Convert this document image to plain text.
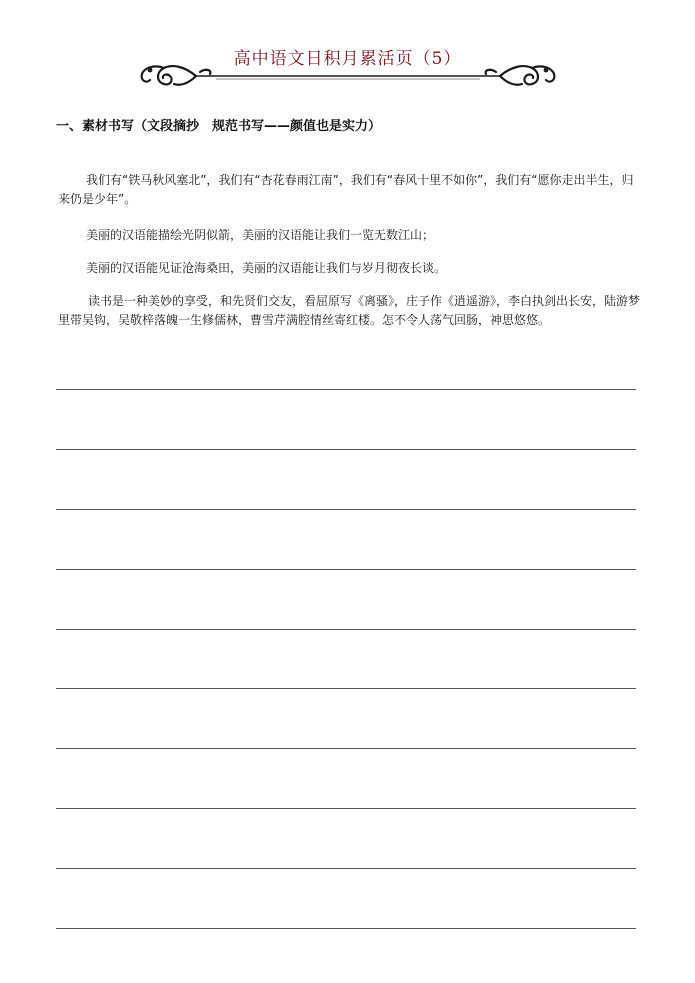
高中语文日积月累活页（5）
一、素材书写（文段摘抄　规范书写——颜值也是实力）

我们有“铁马秋风塞北”，我们有“杏花春雨江南”，我们有“春风十里不如你”，我们有“愿你走出半生，归来仍是少年”。

美丽的汉语能描绘光阴似箭，美丽的汉语能让我们一览无数江山；

美丽的汉语能见证沧海桑田，美丽的汉语能让我们与岁月彻夜长谈。

读书是一种美妙的享受，和先贤们交友，看屈原写《离骚》，庄子作《逍遥游》，李白执剑出长安，陆游梦里带吴钩，吴敬梓落魄一生修儒林，曹雪芹满腔情丝寄红楼。怎不令人荡气回肠，神思悠悠。
